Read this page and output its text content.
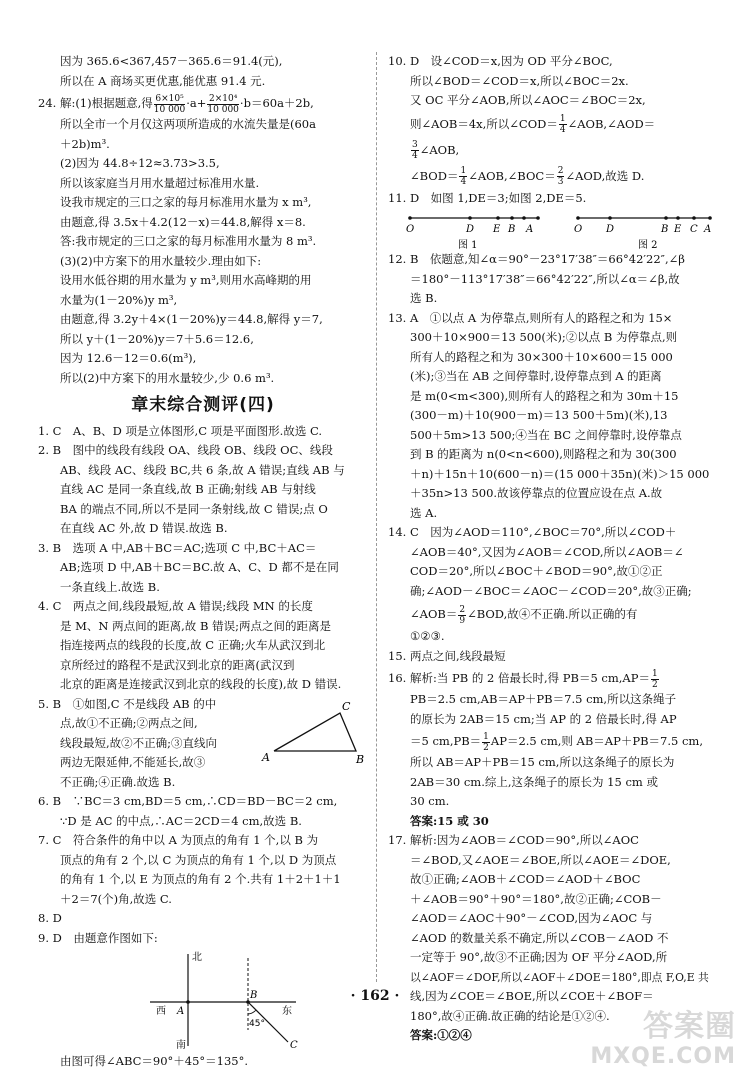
因为 365.6<367,457－365.6＝91.4(元),

所以在 A 商场买更优惠,能优惠 91.4 元.

24. 解:(1)根据题意,得 $\frac{\text{6×10⁵}}{10 000} \cdot a+ \frac{\text{2×10⁴}}{10 000} \cdot b=60a+2b$,

所以全市一个月仅这两项所造成的水流失量是(60a

＋2b)m³.

(2)因为 44.8÷12≈3.73>3.5,

所以该家庭当月用水量超过标准用水量.

设我市规定的三口之家的每月标准用水量为 x m³,

由题意,得 3.5x＋4.2(12－x)＝44.8,解得 x＝8.

答:我市规定的三口之家的每月标准用水量为 8 m³.

(3)(2)中方案下的用水量较少.理由如下:

设用水低谷期的用水量为 y m³,则用水高峰期的用

水量为(1－20%)y m³,

由题意,得 3.2y＋4×(1－20%)y＝44.8,解得 y＝7,

所以 y＋(1－20%)y＝7＋5.6＝12.6,

因为 12.6－12＝0.6(m³),

所以(2)中方案下的用水量较少,少 0.6 m³.

章末综合测评(四)

1. C　A、B、D 项是立体图形,C 项是平面图形.故选 C.

2. B　图中的线段有线段 OA、线段 OB、线段 OC、线段

AB、线段 AC、线段 BC,共 6 条,故 A 错误;直线 AB 与

直线 AC 是同一条直线,故 B 正确;射线 AB 与射线

BA 的端点不同,所以不是同一条射线,故 C 错误;点 O

在直线 AC 外,故 D 错误.故选 B.

3. B　选项 A 中,AB＋BC＝AC;选项 C 中,BC＋AC＝

AB;选项 D 中,AB＋BC＝BC.故 A、C、D 都不是在同

一条直线上.故选 B.

4. C　两点之间,线段最短,故 A 错误;线段 MN 的长度

是 M、N 两点间的距离,故 B 错误;两点之间的距离是

指连接两点的线段的长度,故 C 正确;火车从武汉到北

京所经过的路程不是武汉到北京的距离(武汉到

北京的距离是连接武汉到北京的线段的长度),故 D 错误.

5. B　①如图,C 不是线段 AB 的中

点,故①不正确;②两点之间,

线段最短,故②不正确;③直线向

两边无限延伸,不能延长,故③

不正确;④正确.故选 B.

A	B
C

6. B　∵BC＝3 cm,BD＝5 cm,∴CD＝BD－BC＝2 cm,

∵D 是 AC 的中点,∴AC＝2CD＝4 cm,故选 B.

7. C　符合条件的角中以 A 为顶点的角有 1 个,以 B 为

顶点的角有 2 个,以 C 为顶点的角有 1 个,以 D 为顶点

的角有 1 个,以 E 为顶点的角有 2 个.共有 1＋2＋1＋1

＋2＝7(个)角,故选 C.

8. D

9. D　由题意作图如下:

北
西	东
南
A
B
C
45°

由图可得∠ABC＝90°＋45°＝135°.

10. D　设∠COD＝x,因为 OD 平分∠BOC,

所以∠BOD＝∠COD＝x,所以∠BOC＝2x.

又 OC 平分∠AOB,所以∠AOC＝∠BOC＝2x,

则∠AOB＝4x,所以∠COD＝ $\frac{1}{4}$ ∠AOB,∠AOD＝

$\frac{3}{4}$ ∠AOB,

∠BOD＝ $\frac{1}{4}$ ∠AOB,∠BOC＝ $\frac{2}{3}$ ∠AOD,故选 D.

11. D　如图 1,DE＝3;如图 2,DE＝5.

O	D E B A
图 1
O D	B E C A
图 2

12. B　依题意,知∠α＝90°－23°17′38″＝66°42′22″,∠β

＝180°－113°17′38″＝66°42′22″,所以∠α＝∠β,故

选 B.

13. A　①以点 A 为停靠点,则所有人的路程之和为 15×

300＋10×900＝13 500(米);②以点 B 为停靠点,则

所有人的路程之和为 30×300＋10×600＝15 000

(米);③当在 AB 之间停靠时,设停靠点到 A 的距离

是 m(0<m<300),则所有人的路程之和为 30m＋15

(300－m)＋10(900－m)＝13 500＋5m)(米),13

500＋5m>13 500;④当在 BC 之间停靠时,设停靠点

到 B 的距离为 n(0<n<600),则路程之和为 30(300

＋n)＋15n＋10(600－n)＝(15 000＋35n)(米)＞15 000

＋35n>13 500.故该停靠点的位置应设在点 A.故

选 A.

14. C　因为∠AOD＝110°,∠BOC＝70°,所以∠COD＋

∠AOB＝40°,又因为∠AOB＝∠COD,所以∠AOB＝∠

COD＝20°,所以∠BOC＋∠BOD＝90°,故①②正

确;∠AOD－∠BOC＝∠AOC－∠COD＝20°,故③正确;

∠AOB＝ $\frac{2}{9}$ ∠BOD,故④不正确.所以正确的有

①②③.

15. 两点之间,线段最短

16. 解析:当 PB 的 2 倍最长时,得 PB＝5 $cm,AP= \frac{1}{2}$

PB＝2.5 cm,AB＝AP＋PB＝7.5 cm,所以这条绳子

的原长为 2AB＝15 cm;当 AP 的 2 倍最长时,得 AP

＝5 $cm,PB= \frac{1}{2} AP=2.5$ cm,则 AB＝AP＋PB＝7.5 cm,

所以 AB＝AP＋PB＝15 cm,所以这条绳子的原长为

2AB＝30 cm.综上,这条绳子的原长为 15 cm 或

30 cm.

答案:15 或 30

17. 解析:因为∠AOB＝∠COD＝90°,所以∠AOC

＝∠BOD,又∠AOE＝∠BOE,所以∠AOE＝∠DOE,

故①正确;∠AOB＋∠COD＝∠AOD＋∠BOC

＋∠AOB＝90°＋90°＝180°,故②正确;∠COB－

∠AOD＝∠AOC＋90°－∠COD,因为∠AOC 与

∠AOD 的数量关系不确定,所以∠COB－∠AOD 不

一定等于 90°,故③不正确;因为 OF 平分∠AOD,所

以∠AOF＝∠DOF,所以∠AOF＋∠DOE＝180°,即点 F,O,E 共

线,因为∠COE＝∠BOE,所以∠COE＋∠BOF＝

180°,故④正确.故正确的结论是①②④.

答案:①②④

· 162 ·
答案圈
MXQE.COM
